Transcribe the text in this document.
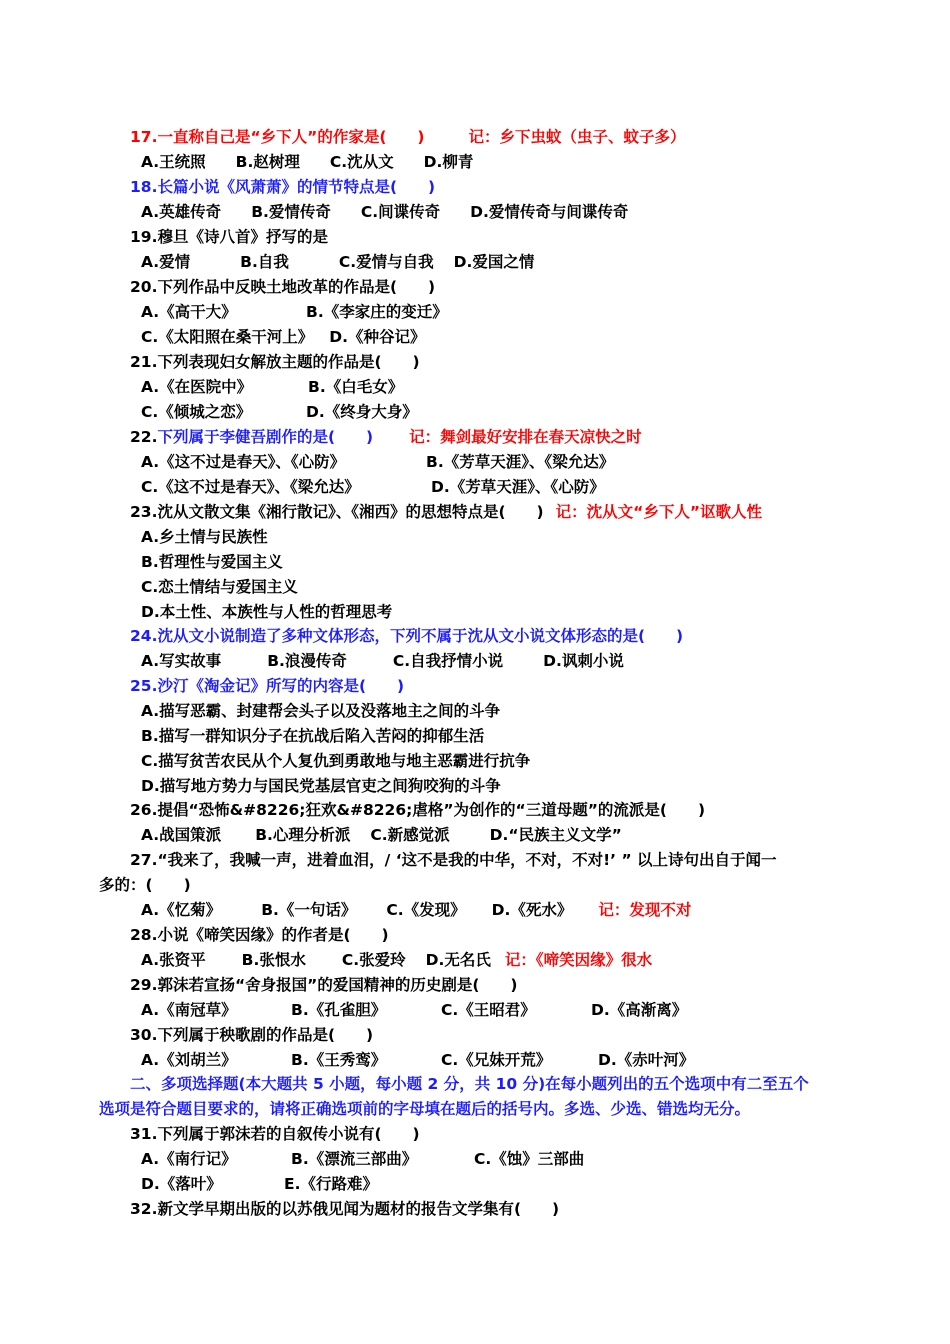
17.一直称自己是“乡下人”的作家是(　　)	记：乡下虫蚊（虫子、蚊子多）
A.王统照 B.赵树理 C.沈从文 D.柳青
18.长篇小说《风萧萧》的情节特点是(　　)
A.英雄传奇 B.爱情传奇 C.间谍传奇 D.爱情传奇与间谍传奇
19.穆旦《诗八首》抒写的是
A.爱情	B.自我	C.爱情与自我 D.爱国之情
20.下列作品中反映土地改革的作品是(　　)
A.《高干大》	B.《李家庄的变迁》
C.《太阳照在桑干河上》 D.《种谷记》
21.下列表现妇女解放主题的作品是(　　)
A.《在医院中》	B.《白毛女》
C.《倾城之恋》	D.《终身大身》
22.下列属于李健吾剧作的是(　　) 记：舞剑最好安排在春天凉快之时
A.《这不过是春天》、《心防》	B.《芳草天涯》、《梁允达》
C.《这不过是春天》、《梁允达》	D.《芳草天涯》、《心防》
23.沈从文散文集《湘行散记》、《湘西》的思想特点是(　　) 记：沈从文“乡下人”讴歌人性
A.乡土情与民族性
B.哲理性与爱国主义
C.恋土情结与爱国主义
D.本土性、本族性与人性的哲理思考
24.沈从文小说制造了多种文体形态，下列不属于沈从文小说文体形态的是(　　)
A.写实故事	B.浪漫传奇	C.自我抒情小说	D.讽刺小说
25.沙汀《淘金记》所写的内容是(　　)
A.描写恶霸、封建帮会头子以及没落地主之间的斗争
B.描写一群知识分子在抗战后陷入苦闷的抑郁生活
C.描写贫苦农民从个人复仇到勇敢地与地主恶霸进行抗争
D.描写地方势力与国民党基层官吏之间狗咬狗的斗争
26.提倡“恐怖&#8226;狂欢&#8226;虐格”为创作的“三道母题”的流派是(　　)
A.战国策派 B.心理分析派 C.新感觉派	D.“民族主义文学”
27.“我来了，我喊一声，进着血泪，/ ‘这不是我的中华，不对，不对!’ ” 以上诗句出自于闻一
多的：(　　)
A.《忆菊》	B.《一句话》 C.《发现》 D.《死水》 记：发现不对
28.小说《啼笑因缘》的作者是(　　)
A.张资平 B.张恨水 C.张爱玲 D.无名氏 记：《啼笑因缘》很水
29.郭沫若宣扬“舍身报国”的爱国精神的历史剧是(　　)
A.《南冠草》	B.《孔雀胆》	C.《王昭君》	D.《高渐离》
30.下列属于秧歌剧的作品是(　　)
A.《刘胡兰》	B.《王秀鸾》	C.《兄妹开荒》	D.《赤叶河》
二、多项选择题(本大题共 5 小题，每小题 2 分，共 10 分)在每小题列出的五个选项中有二至五个
选项是符合题目要求的，请将正确选项前的字母填在题后的括号内。多选、少选、错选均无分。
31.下列属于郭沫若的自叙传小说有(　　)
A.《南行记》	B.《漂流三部曲》	C.《蚀》三部曲
D.《落叶》	E.《行路难》
32.新文学早期出版的以苏俄见闻为题材的报告文学集有(　　)
